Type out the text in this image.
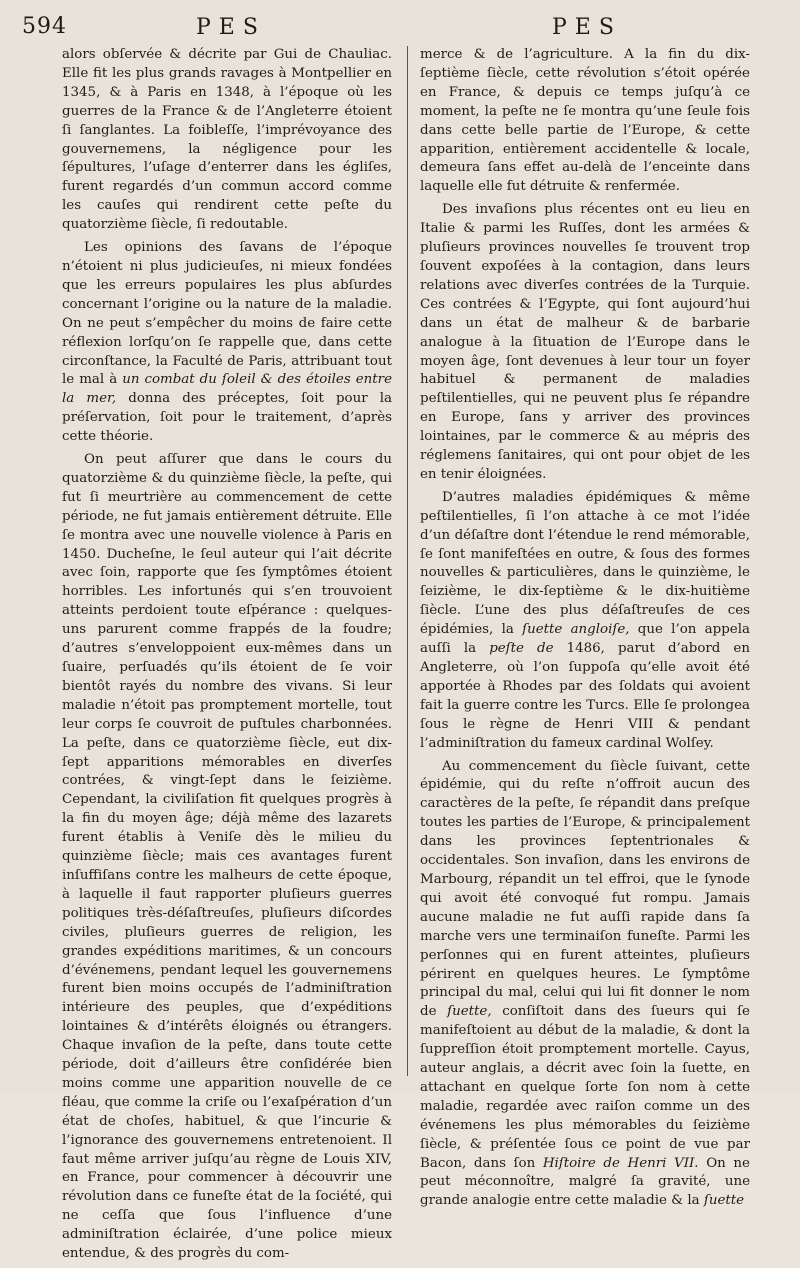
594	PES	PES

alors obſervée & décrite par Gui de Chauliac. Elle fit les plus grands ravages à Montpellier en 1345, & à Paris en 1348, à l’époque où les guerres de la France & de l’Angleterre étoient ſi ſanglantes. La foibleſſe, l’imprévoyance des gouvernemens, la négligence pour les ſépultures, l’uſage d’enterrer dans les égliſes, furent regardés d’un commun accord comme les cauſes qui rendirent cette peſte du quatorzième ſiècle, ſi redoutable.

Les opinions des ſavans de l’époque n’étoient ni plus judicieuſes, ni mieux fondées que les erreurs populaires les plus abſurdes concernant l’origine ou la nature de la maladie. On ne peut s’empêcher du moins de faire cette réflexion lorſqu’on ſe rappelle que, dans cette circonſtance, la Faculté de Paris, attribuant tout le mal à un combat du ſoleil & des étoiles entre la mer, donna des préceptes, ſoit pour la préſervation, ſoit pour le traitement, d’après cette théorie.

On peut aſſurer que dans le cours du quatorzième & du quinzième ſiècle, la peſte, qui fut ſi meurtrière au commencement de cette période, ne fut jamais entièrement détruite. Elle ſe montra avec une nouvelle violence à Paris en 1450. Ducheſne, le ſeul auteur qui l’ait décrite avec ſoin, rapporte que ſes ſymptômes étoient horribles. Les infortunés qui s’en trouvoient atteints perdoient toute eſpérance : quelques-uns parurent comme frappés de la foudre; d’autres s’enveloppoient eux-mêmes dans un ſuaire, perſuadés qu’ils étoient de ſe voir bientôt rayés du nombre des vivans. Si leur maladie n’étoit pas promptement mortelle, tout leur corps ſe couvroit de puſtules charbonnées. La peſte, dans ce quatorzième ſiècle, eut dix-ſept apparitions mémorables en diverſes contrées, & vingt-ſept dans le ſeizième. Cependant, la civiliſation fit quelques progrès à la fin du moyen âge; déjà même des lazarets furent établis à Veniſe dès le milieu du quinzième ſiècle; mais ces avantages furent inſuffiſans contre les malheurs de cette époque, à laquelle il faut rapporter pluſieurs guerres politiques très-déſaſtreuſes, pluſieurs diſcordes civiles, pluſieurs guerres de religion, les grandes expéditions maritimes, & un concours d’événemens, pendant lequel les gouvernemens furent bien moins occupés de l’adminiſtration intérieure des peuples, que d’expéditions lointaines & d’intérêts éloignés ou étrangers. Chaque invaſion de la peſte, dans toute cette période, doit d’ailleurs être conſidérée bien moins comme une apparition nouvelle de ce fléau, que comme la criſe ou l’exaſpération d’un état de choſes, habituel, & que l’incurie & l’ignorance des gouvernemens entretenoient. Il faut même arriver juſqu’au règne de Louis XIV, en France, pour commencer à découvrir une révolution dans ce funeſte état de la ſociété, qui ne ceſſa que ſous l’influence d’une adminiſtration éclairée, d’une police mieux entendue, & des progrès du com-

merce & de l’agriculture. A la fin du dix-ſeptième ſiècle, cette révolution s’étoit opérée en France, & depuis ce temps juſqu’à ce moment, la peſte ne ſe montra qu’une ſeule fois dans cette belle partie de l’Europe, & cette apparition, entièrement accidentelle & locale, demeura ſans effet au-delà de l’enceinte dans laquelle elle fut détruite & renfermée.

Des invaſions plus récentes ont eu lieu en Italie & parmi les Ruſſes, dont les armées & pluſieurs provinces nouvelles ſe trouvent trop ſouvent expoſées à la contagion, dans leurs relations avec diverſes contrées de la Turquie. Ces contrées & l’Egypte, qui ſont aujourd’hui dans un état de malheur & de barbarie analogue à la ſituation de l’Europe dans le moyen âge, ſont devenues à leur tour un foyer habituel & permanent de maladies peſtilentielles, qui ne peuvent plus ſe répandre en Europe, ſans y arriver des provinces lointaines, par le commerce & au mépris des réglemens ſanitaires, qui ont pour objet de les en tenir éloignées.

D’autres maladies épidémiques & même peſtilentielles, ſi l’on attache à ce mot l’idée d’un déſaſtre dont l’étendue le rend mémorable, ſe ſont manifeſtées en outre, & ſous des formes nouvelles & particulières, dans le quinzième, le ſeizième, le dix-ſeptième & le dix-huitième ſiècle. L’une des plus déſaſtreuſes de ces épidémies, la ſuette angloiſe, que l’on appela auſſi la peſte de 1486, parut d’abord en Angleterre, où l’on ſuppoſa qu’elle avoit été apportée à Rhodes par des ſoldats qui avoient fait la guerre contre les Turcs. Elle ſe prolongea ſous le règne de Henri VIII & pendant l’adminiſtration du fameux cardinal Wolſey.

Au commencement du ſiècle ſuivant, cette épidémie, qui du reſte n’offroit aucun des caractères de la peſte, ſe répandit dans preſque toutes les parties de l’Europe, & principalement dans les provinces ſeptentrionales & occidentales. Son invaſion, dans les environs de Marbourg, répandit un tel effroi, que le ſynode qui avoit été convoqué fut rompu. Jamais aucune maladie ne fut auſſi rapide dans ſa marche vers une terminaiſon funeſte. Parmi les perſonnes qui en furent atteintes, pluſieurs périrent en quelques heures. Le ſymptôme principal du mal, celui qui lui fit donner le nom de ſuette, conſiſtoit dans des ſueurs qui ſe manifeſtoient au début de la maladie, & dont la ſuppreſſion étoit promptement mortelle. Cayus, auteur anglais, a décrit avec ſoin la ſuette, en attachant en quelque ſorte ſon nom à cette maladie, regardée avec raiſon comme un des événemens les plus mémorables du ſeizième ſiècle, & préſentée ſous ce point de vue par Bacon, dans ſon Hiſtoire de Henri VII. On ne peut méconnoître, malgré ſa gravité, une grande analogie entre cette maladie & la ſuette
